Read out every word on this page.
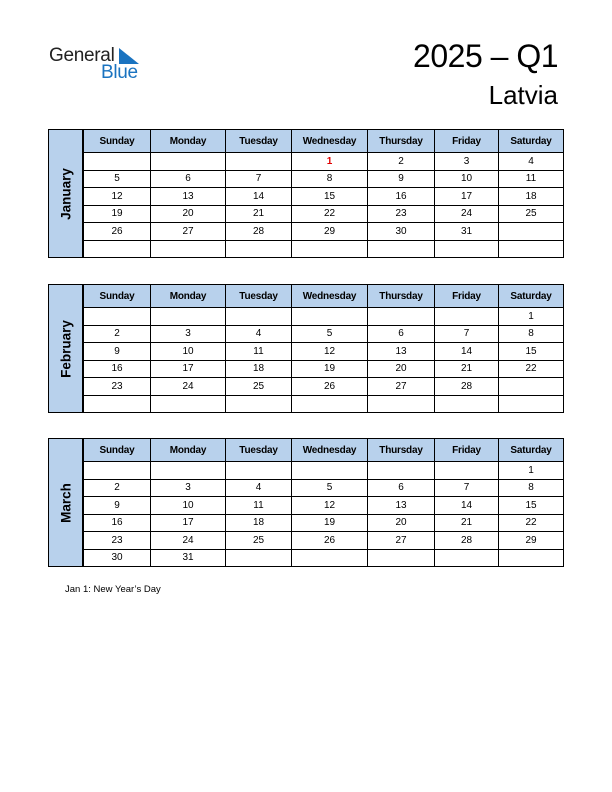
General
Blue	2025 – Q1
Latvia
January
Sunday	Monday	Tuesday	Wednesday	Thursday	Friday	Saturday
			1	2	3	4
5	6	7	8	9	10	11
12	13	14	15	16	17	18
19	20	21	22	23	24	25
26	27	28	29	30	31	

February
Sunday	Monday	Tuesday	Wednesday	Thursday	Friday	Saturday
						1
2	3	4	5	6	7	8
9	10	11	12	13	14	15
16	17	18	19	20	21	22
23	24	25	26	27	28	

March
Sunday	Monday	Tuesday	Wednesday	Thursday	Friday	Saturday
						1
2	3	4	5	6	7	8
9	10	11	12	13	14	15
16	17	18	19	20	21	22
23	24	25	26	27	28	29
30	31					
Jan 1: New Year’s Day
